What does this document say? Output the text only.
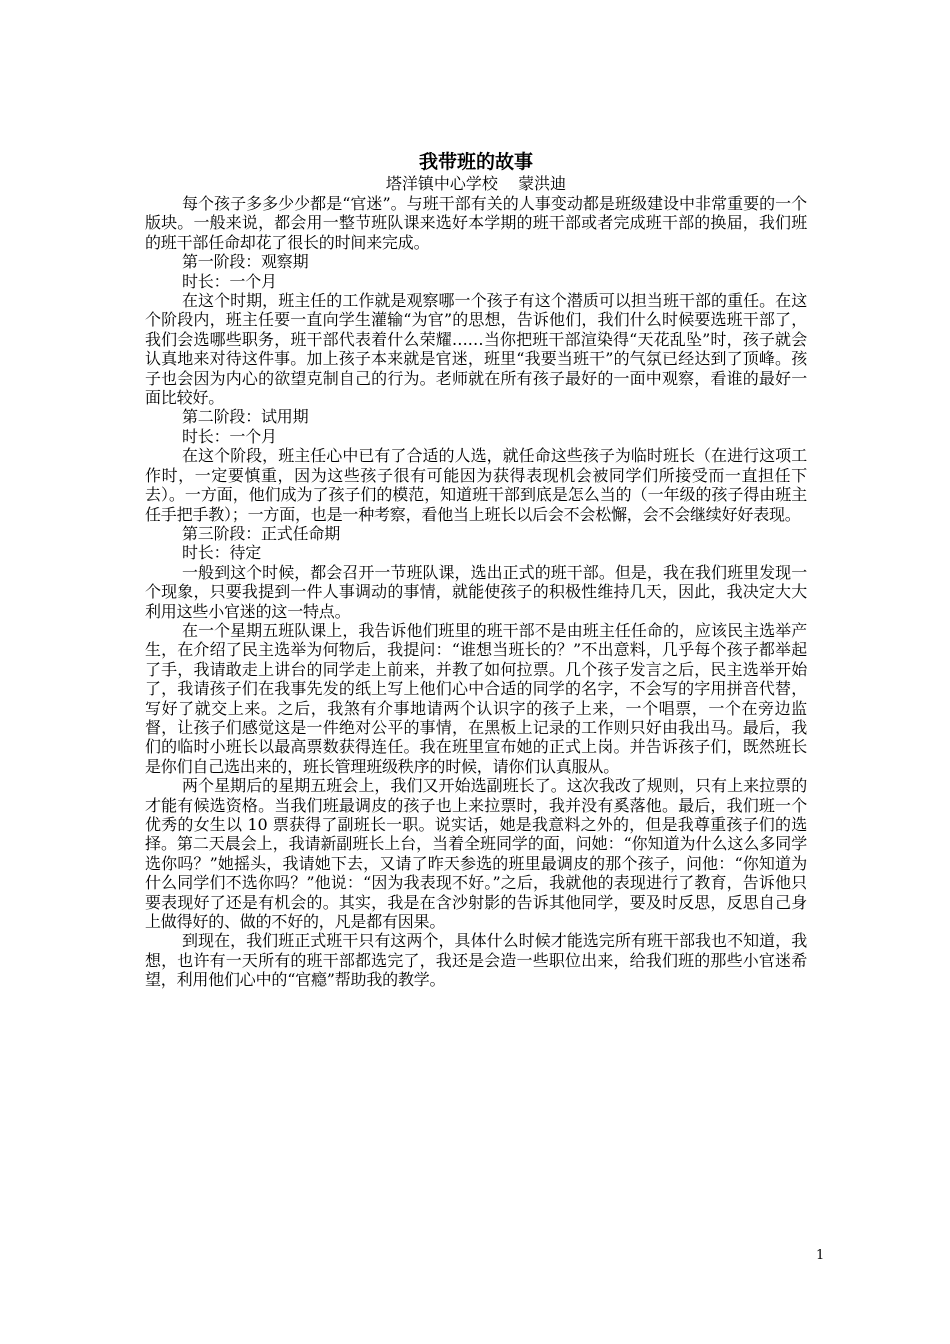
我带班的故事
塔洋镇中心学校    蒙洪迪

每个孩子多多少少都是“官迷”。与班干部有关的人事变动都是班级建设中非常重要的一个版块。一般来说，都会用一整节班队课来选好本学期的班干部或者完成班干部的换届，我们班的班干部任命却花了很长的时间来完成。

第一阶段：观察期

时长：一个月

在这个时期，班主任的工作就是观察哪一个孩子有这个潜质可以担当班干部的重任。在这个阶段内，班主任要一直向学生灌输“为官”的思想，告诉他们，我们什么时候要选班干部了，我们会选哪些职务，班干部代表着什么荣耀……当你把班干部渲染得“天花乱坠”时，孩子就会认真地来对待这件事。加上孩子本来就是官迷，班里“我要当班干”的气氛已经达到了顶峰。孩子也会因为内心的欲望克制自己的行为。老师就在所有孩子最好的一面中观察，看谁的最好一面比较好。

第二阶段：试用期

时长：一个月

在这个阶段，班主任心中已有了合适的人选，就任命这些孩子为临时班长（在进行这项工作时，一定要慎重，因为这些孩子很有可能因为获得表现机会被同学们所接受而一直担任下去）。一方面，他们成为了孩子们的模范，知道班干部到底是怎么当的（一年级的孩子得由班主任手把手教）；一方面，也是一种考察，看他当上班长以后会不会松懈，会不会继续好好表现。

第三阶段：正式任命期

时长：待定

一般到这个时候，都会召开一节班队课，选出正式的班干部。但是，我在我们班里发现一个现象，只要我提到一件人事调动的事情，就能使孩子的积极性维持几天，因此，我决定大大利用这些小官迷的这一特点。

在一个星期五班队课上，我告诉他们班里的班干部不是由班主任任命的，应该民主选举产生，在介绍了民主选举为何物后，我提问：“谁想当班长的？”不出意料，几乎每个孩子都举起了手，我请敢走上讲台的同学走上前来，并教了如何拉票。几个孩子发言之后，民主选举开始了，我请孩子们在我事先发的纸上写上他们心中合适的同学的名字，不会写的字用拼音代替，写好了就交上来。之后，我煞有介事地请两个认识字的孩子上来，一个唱票，一个在旁边监督，让孩子们感觉这是一件绝对公平的事情，在黑板上记录的工作则只好由我出马。最后，我们的临时小班长以最高票数获得连任。我在班里宣布她的正式上岗。并告诉孩子们，既然班长是你们自己选出来的，班长管理班级秩序的时候，请你们认真服从。

两个星期后的星期五班会上，我们又开始选副班长了。这次我改了规则，只有上来拉票的才能有候选资格。当我们班最调皮的孩子也上来拉票时，我并没有奚落他。最后，我们班一个优秀的女生以 10 票获得了副班长一职。说实话，她是我意料之外的，但是我尊重孩子们的选择。第二天晨会上，我请新副班长上台，当着全班同学的面，问她：“你知道为什么这么多同学选你吗？”她摇头，我请她下去，又请了昨天参选的班里最调皮的那个孩子，问他：“你知道为什么同学们不选你吗？”他说：“因为我表现不好。”之后，我就他的表现进行了教育，告诉他只要表现好了还是有机会的。其实，我是在含沙射影的告诉其他同学，要及时反思，反思自己身上做得好的、做的不好的，凡是都有因果。

到现在，我们班正式班干只有这两个，具体什么时候才能选完所有班干部我也不知道，我想，也许有一天所有的班干部都选完了，我还是会造一些职位出来，给我们班的那些小官迷希望，利用他们心中的“官瘾”帮助我的教学。

1
